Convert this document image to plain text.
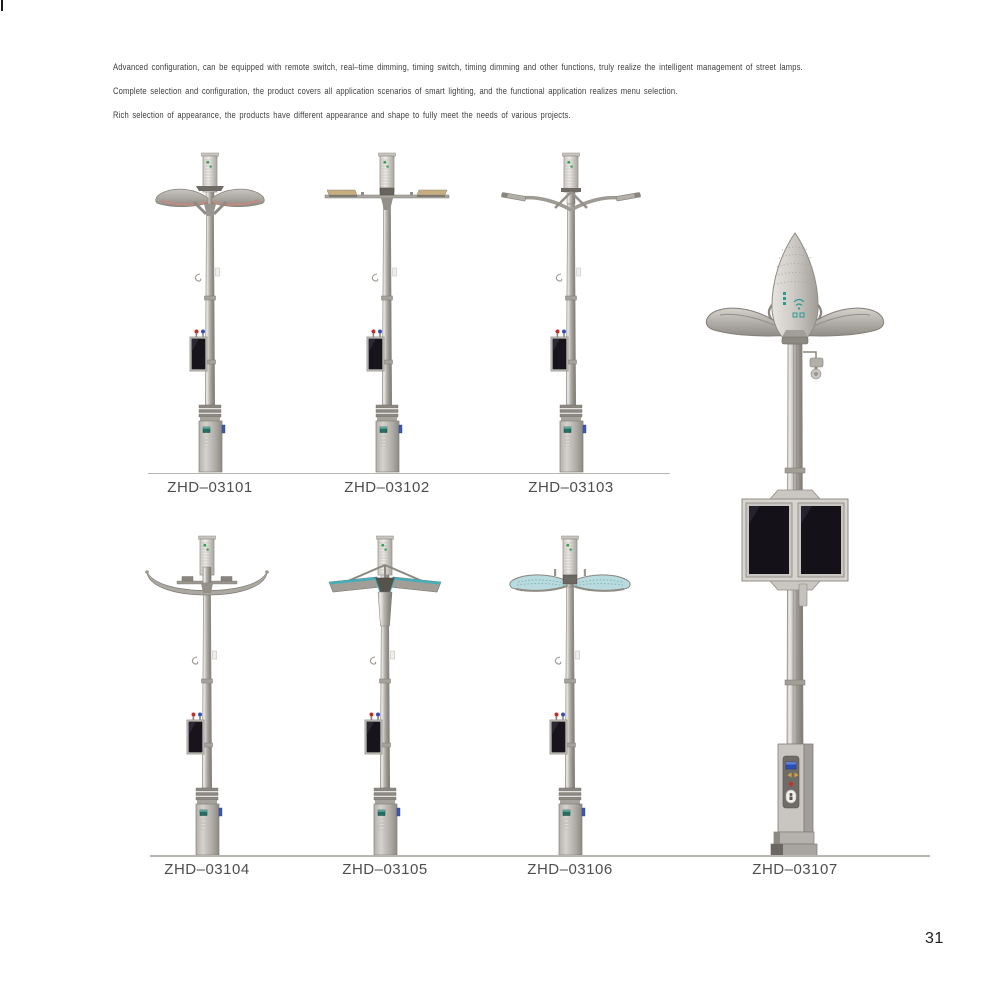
Advanced configuration, can be equipped with remote switch, real–time dimming, timing switch, timing dimming and other functions, truly realize the intelligent management of street lamps.
Complete selection and configuration, the product covers all application scenarios of smart lighting, and the functional application realizes menu selection.
Rich selection of appearance, the products have different appearance and shape to fully meet the needs of various projects.
ZHD–03101	ZHD–03102	ZHD–03103
ZHD–03104	ZHD–03105	ZHD–03106	ZHD–03107
31
